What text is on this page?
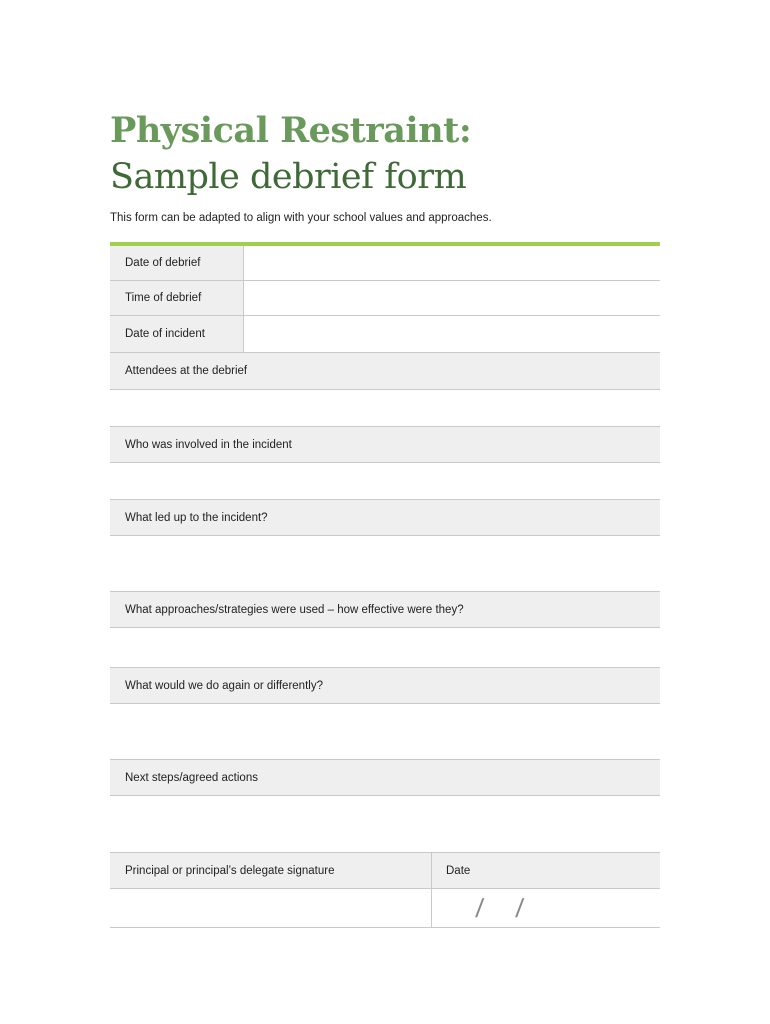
Physical Restraint:
Sample debrief form

This form can be adapted to align with your school values and approaches.

Date of debrief
Time of debrief
Date of incident
Attendees at the debrief
Who was involved in the incident
What led up to the incident?
What approaches/strategies were used – how effective were they?
What would we do again or differently?
Next steps/agreed actions
Principal or principal’s delegate signature	Date
/ /
